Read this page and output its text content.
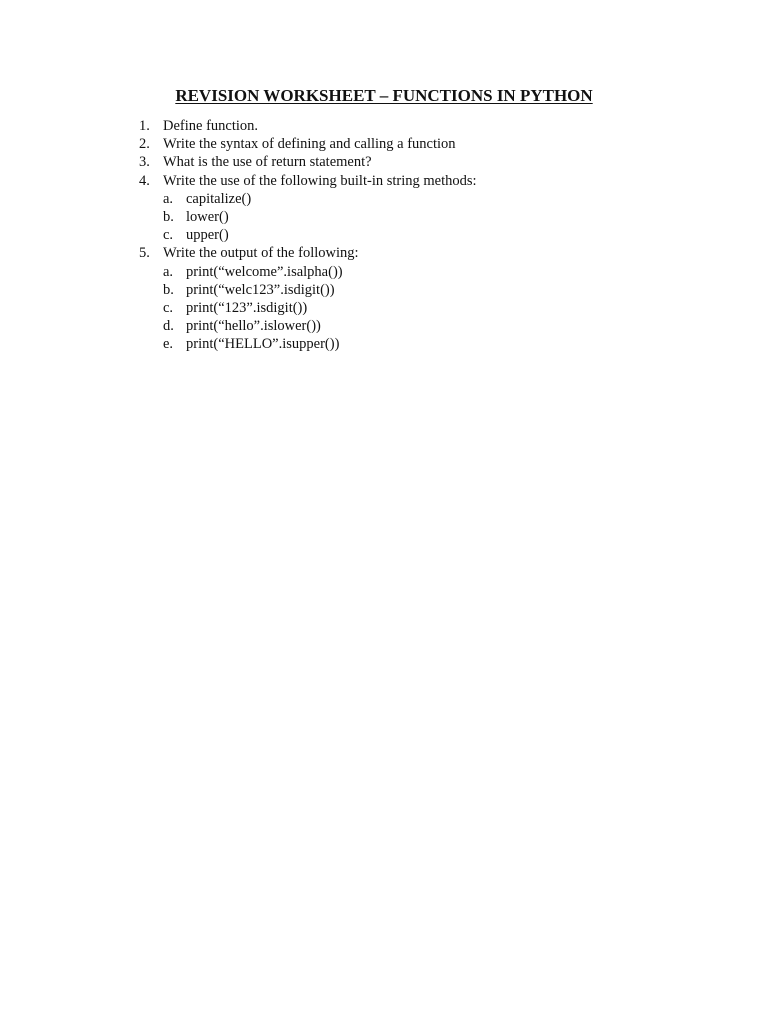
REVISION WORKSHEET – FUNCTIONS IN PYTHON
1. Define function.
2. Write the syntax of defining and calling a function
3. What is the use of return statement?
4. Write the use of the following built-in string methods:
a. capitalize()
b. lower()
c. upper()
5. Write the output of the following:
a. print(“welcome”.isalpha())
b. print(“welc123”.isdigit())
c. print(“123”.isdigit())
d. print(“hello”.islower())
e. print(“HELLO”.isupper())
